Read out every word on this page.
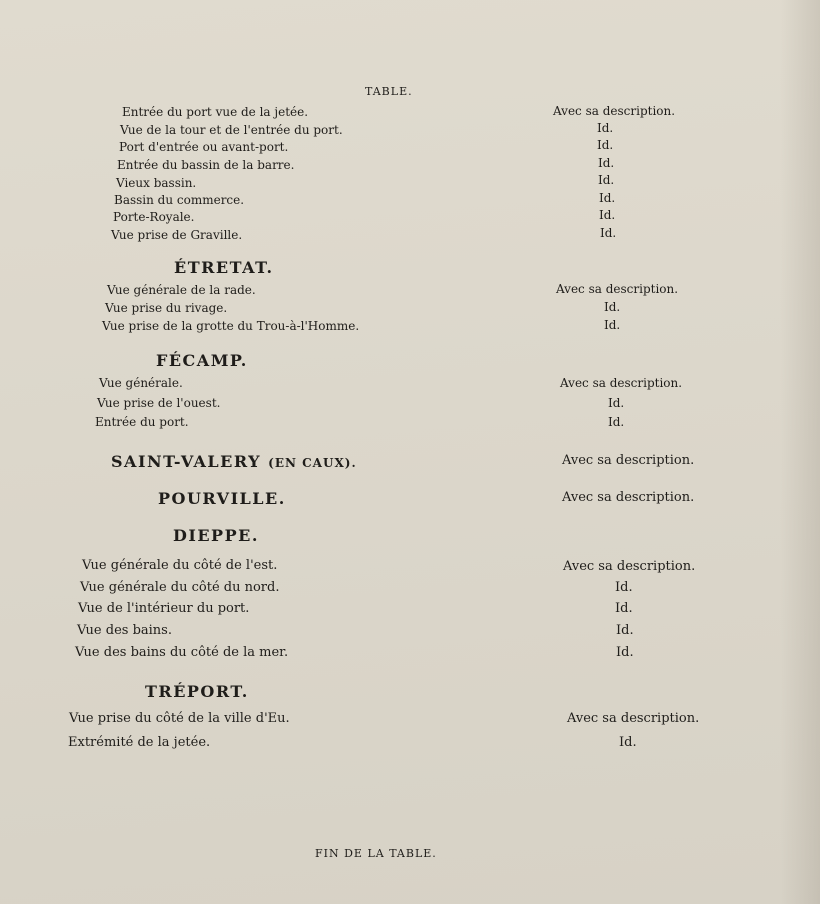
TABLE.
Entrée du port vue de la jetée.	Avec sa description.
Vue de la tour et de l'entrée du port.	Id.
Port d'entrée ou avant-port.	Id.
Entrée du bassin de la barre.	Id.
Vieux bassin.	Id.
Bassin du commerce.	Id.
Porte-Royale.	Id.
Vue prise de Graville.	Id.
ÉTRETAT.
Vue générale de la rade.	Avec sa description.
Vue prise du rivage.	Id.
Vue prise de la grotte du Trou-à-l'Homme.	Id.
FÉCAMP.
Vue générale.	Avec sa description.
Vue prise de l'ouest.	Id.
Entrée du port.	Id.
SAINT-VALERY (EN CAUX).	Avec sa description.
POURVILLE.	Avec sa description.
DIEPPE.
Vue générale du côté de l'est.	Avec sa description.
Vue générale du côté du nord.	Id.
Vue de l'intérieur du port.	Id.
Vue des bains.	Id.
Vue des bains du côté de la mer.	Id.
TRÉPORT.
Vue prise du côté de la ville d'Eu.	Avec sa description.
Extrémité de la jetée.	Id.
FIN DE LA TABLE.
